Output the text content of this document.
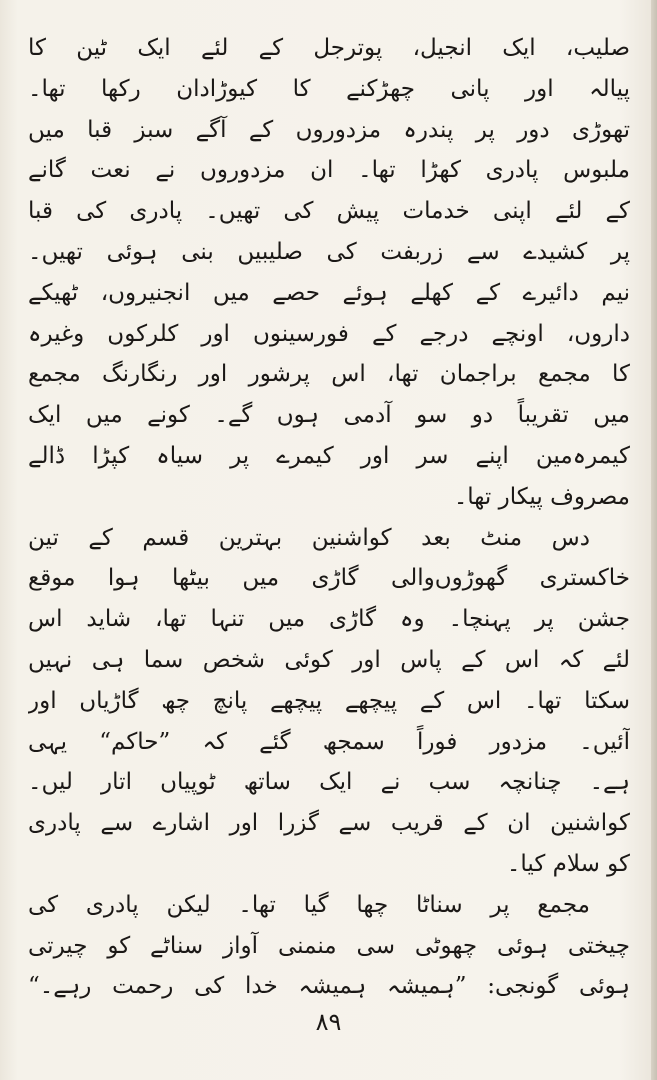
صلیب، ایک انجیل، پوترجل کے لئے ایک ٹین کا
پیالہ اور پانی چھڑکنے کا کیوڑادان رکھا تھا۔
تھوڑی دور پر پندرہ مزدوروں کے آگے سبز قبا میں
ملبوس پادری کھڑا تھا۔ ان مزدوروں نے نعت گانے
کے لئے اپنی خدمات پیش کی تھیں۔ پادری کی قبا
پر کشیدے سے زربفت کی صلیبیں بنی ہوئی تھیں۔
نیم دائیرے کے کھلے ہوئے حصے میں انجنیروں، ٹھیکے
داروں، اونچے درجے کے فورسینوں اور کلرکوں وغیرہ
کا مجمع براجمان تھا، اس پرشور اور رنگارنگ مجمع
میں تقریباً دو سو آدمی ہوں گے۔ کونے میں ایک
کیمرہ‌مین اپنے سر اور کیمرے پر سیاہ کپڑا ڈالے
مصروف پیکار تھا۔
دس منٹ بعد کواشنین بہترین قسم کے تین
خاکستری گھوڑوں‌والی گاڑی میں بیٹھا ہوا موقع
جشن پر پہنچا۔ وہ گاڑی میں تنہا تھا، شاید اس
لئے کہ اس کے پاس اور کوئی شخص سما ہی نہیں
سکتا تھا۔ اس کے پیچھے پیچھے پانچ چھ گاڑیاں اور
آئیں۔ مزدور فوراً سمجھ گئے کہ ”حاکم“ یہی
ہے۔ چنانچہ سب نے ایک ساتھ ٹوپیاں اتار لیں۔
کواشنین ان کے قریب سے گزرا اور اشارے سے پادری
کو سلام کیا۔
مجمع پر سناٹا چھا گیا تھا۔ لیکن پادری کی
چیختی ہوئی چھوٹی سی منمنی آواز سناٹے کو چیرتی
ہوئی گونجی: ”ہمیشہ ہمیشہ خدا کی رحمت رہے۔“
٨٩
